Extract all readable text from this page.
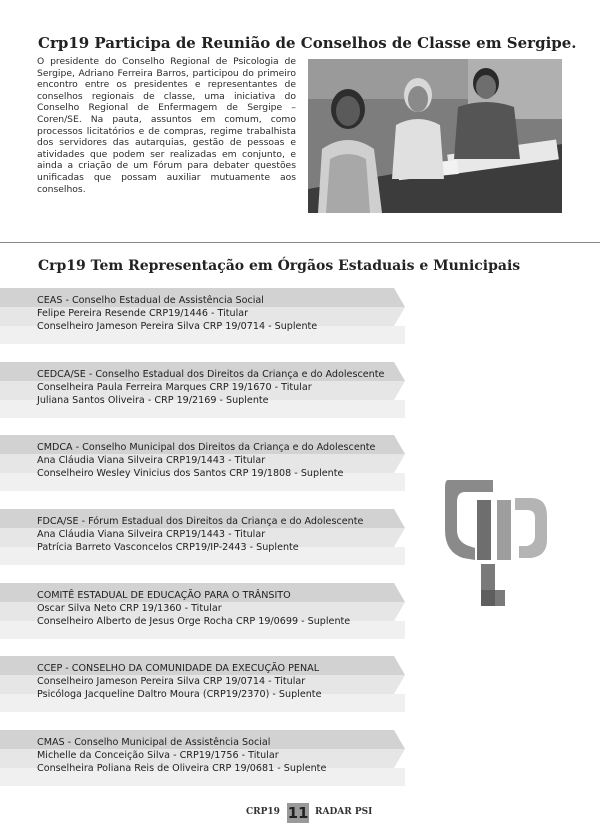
Crp19 Participa de Reunião de Conselhos de Classe em Sergipe.
O presidente do Conselho Regional de Psicologia de Sergipe, Adriano Ferreira Barros, participou do primeiro encontro entre os presidentes e representantes de conselhos regionais de classe, uma iniciativa do Conselho Regional de Enfermagem de Sergipe – Coren/SE. Na pauta, assuntos em comum, como processos licitatórios e de compras, regime trabalhista dos servidores das autarquias, gestão de pessoas e atividades que podem ser realizadas em conjunto, e ainda a criação de um Fórum para debater questões unificadas que possam auxiliar mutuamente aos conselhos.
Crp19 Tem Representação em Órgãos Estaduais e Municipais
CEAS - Conselho Estadual de Assistência Social
Felipe Pereira Resende CRP19/1446 - Titular
Conselheiro Jameson Pereira Silva CRP 19/0714 - Suplente
CEDCA/SE - Conselho Estadual dos Direitos da Criança e do Adolescente
Conselheira Paula Ferreira Marques CRP 19/1670 - Titular
Juliana Santos Oliveira - CRP 19/2169 - Suplente
CMDCA - Conselho Municipal dos Direitos da Criança e do Adolescente
Ana Cláudia Viana Silveira CRP19/1443 - Titular
Conselheiro Wesley Vinicius dos Santos CRP 19/1808 - Suplente
FDCA/SE - Fórum Estadual dos Direitos da Criança e do Adolescente
Ana Cláudia Viana Silveira CRP19/1443 - Titular
Patrícia Barreto Vasconcelos CRP19/IP-2443 - Suplente
COMITÊ ESTADUAL DE EDUCAÇÃO PARA O TRÂNSITO
Oscar Silva Neto CRP 19/1360 - Titular
Conselheiro Alberto de Jesus Orge Rocha CRP 19/0699 - Suplente
CCEP - CONSELHO DA COMUNIDADE DA EXECUÇÃO PENAL
Conselheiro Jameson Pereira Silva CRP 19/0714 - Titular
Psicóloga Jacqueline Daltro Moura (CRP19/2370) - Suplente
CMAS - Conselho Municipal de Assistência Social
Michelle da Conceição Silva - CRP19/1756 - Titular
Conselheira Poliana Reis de Oliveira CRP 19/0681 - Suplente
CRP19 11 RADAR PSI
